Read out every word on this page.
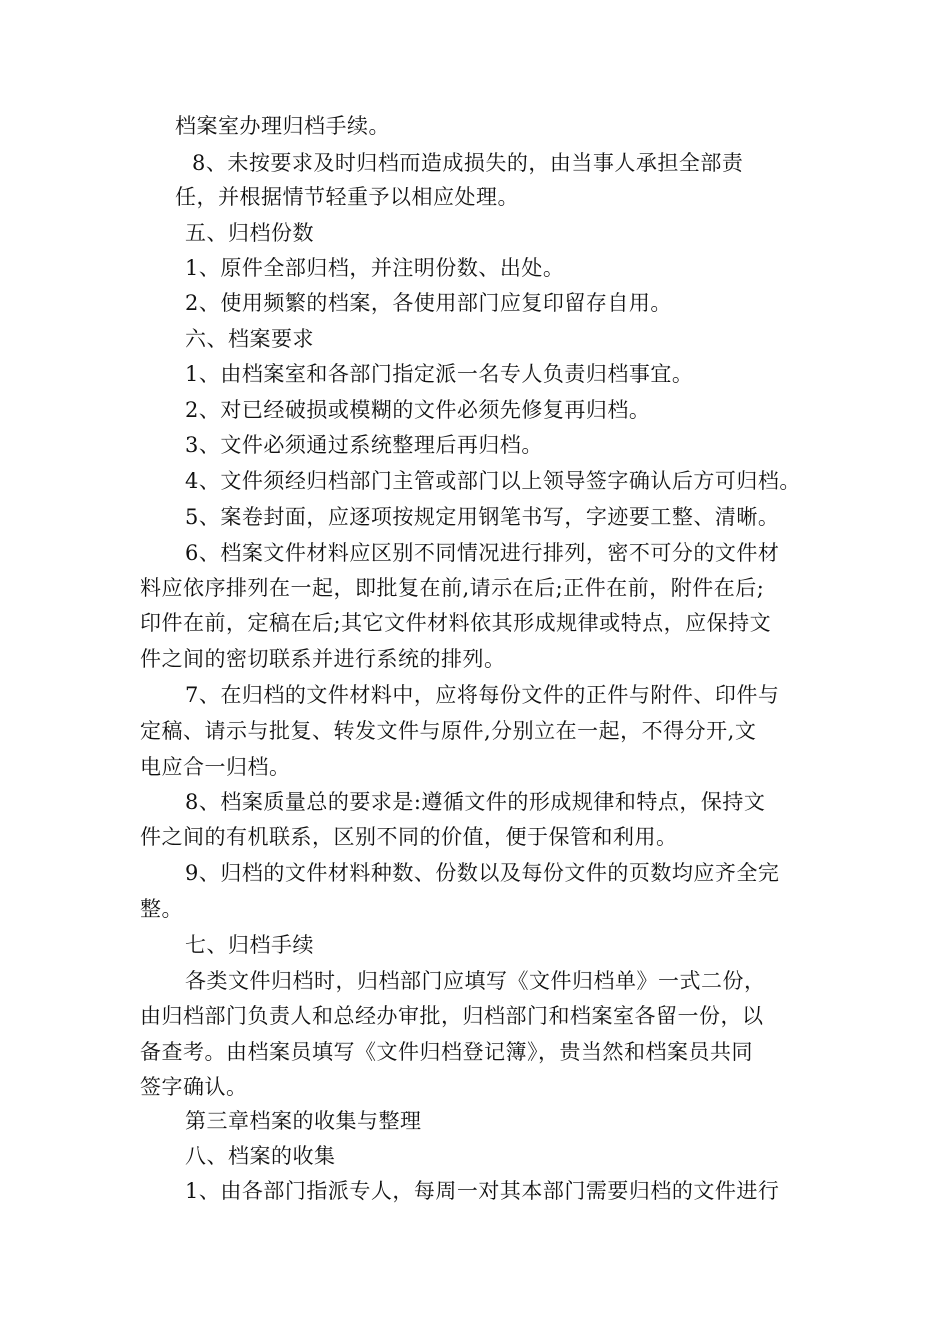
档案室办理归档手续。
8、未按要求及时归档而造成损失的，由当事人承担全部责
任，并根据情节轻重予以相应处理。
五、归档份数
1、原件全部归档，并注明份数、出处。
2、使用频繁的档案，各使用部门应复印留存自用。
六、档案要求
1、由档案室和各部门指定派一名专人负责归档事宜。
2、对已经破损或模糊的文件必须先修复再归档。
3、文件必须通过系统整理后再归档。
4、文件须经归档部门主管或部门以上领导签字确认后方可归档。
5、案卷封面，应逐项按规定用钢笔书写，字迹要工整、清晰。
6、档案文件材料应区别不同情况进行排列，密不可分的文件材
料应依序排列在一起，即批复在前,请示在后;正件在前，附件在后;
印件在前，定稿在后;其它文件材料依其形成规律或特点，应保持文
件之间的密切联系并进行系统的排列。
7、在归档的文件材料中，应将每份文件的正件与附件、印件与
定稿、请示与批复、转发文件与原件,分别立在一起，不得分开,文
电应合一归档。
8、档案质量总的要求是:遵循文件的形成规律和特点，保持文
件之间的有机联系，区别不同的价值，便于保管和利用。
9、归档的文件材料种数、份数以及每份文件的页数均应齐全完
整。
七、归档手续
各类文件归档时，归档部门应填写《文件归档单》一式二份，
由归档部门负责人和总经办审批，归档部门和档案室各留一份，以
备查考。由档案员填写《文件归档登记簿》，贵当然和档案员共同
签字确认。
第三章档案的收集与整理
八、档案的收集
1、由各部门指派专人，每周一对其本部门需要归档的文件进行
